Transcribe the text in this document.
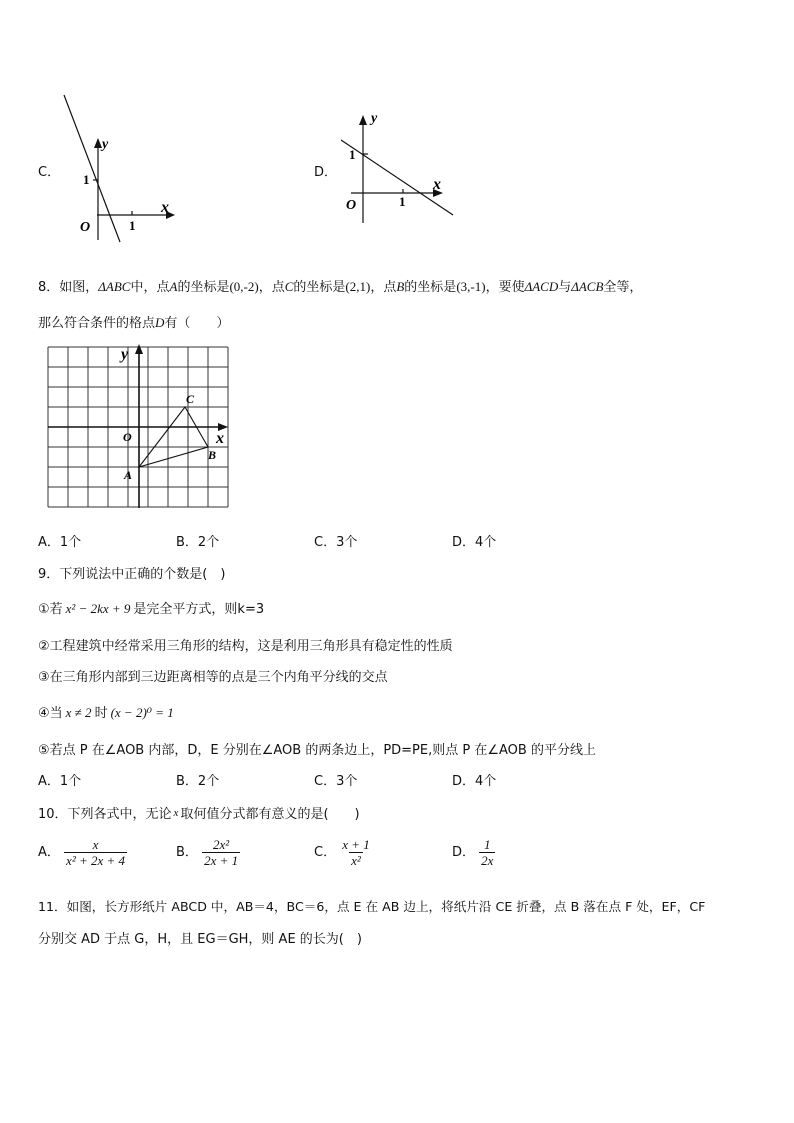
C．
y
x
O
1
1
D．
y
x
O
1
1
8．如图，ΔABC中，点A的坐标是(0,-2)，点C的坐标是(2,1)，点B的坐标是(3,-1)，要使ΔACD与ΔACB全等，
那么符合条件的格点D有（　　）
y
x
O
A
B
C
A．1个	B．2个	C．3个	D．4个
9．下列说法中正确的个数是(　)
①若 x² − 2kx + 9 是完全平方式，则k=3
②工程建筑中经常采用三角形的结构，这是利用三角形具有稳定性的性质
③在三角形内部到三边距离相等的点是三个内角平分线的交点
④当 x ≠ 2 时 (x − 2)⁰ = 1
⑤若点 P 在∠AOB 内部，D，E 分别在∠AOB 的两条边上，PD=PE,则点 P 在∠AOB 的平分线上
A．1个	B．2个	C．3个	D．4个
10．下列各式中，无论 x 取何值分式都有意义的是(　　)
A． $\frac{x}{\text{x² + 2x + 4}}$	B． $\frac{\text{2x²}}{2x + 1}$	C． $\frac{x + 1}{\text{x²}}$	D． $\frac{1}{2x}$
11．如图，长方形纸片 ABCD 中，AB＝4，BC＝6，点 E 在 AB 边上，将纸片沿 CE 折叠，点 B 落在点 F 处，EF，CF
分别交 AD 于点 G，H，且 EG＝GH，则 AE 的长为(　)
